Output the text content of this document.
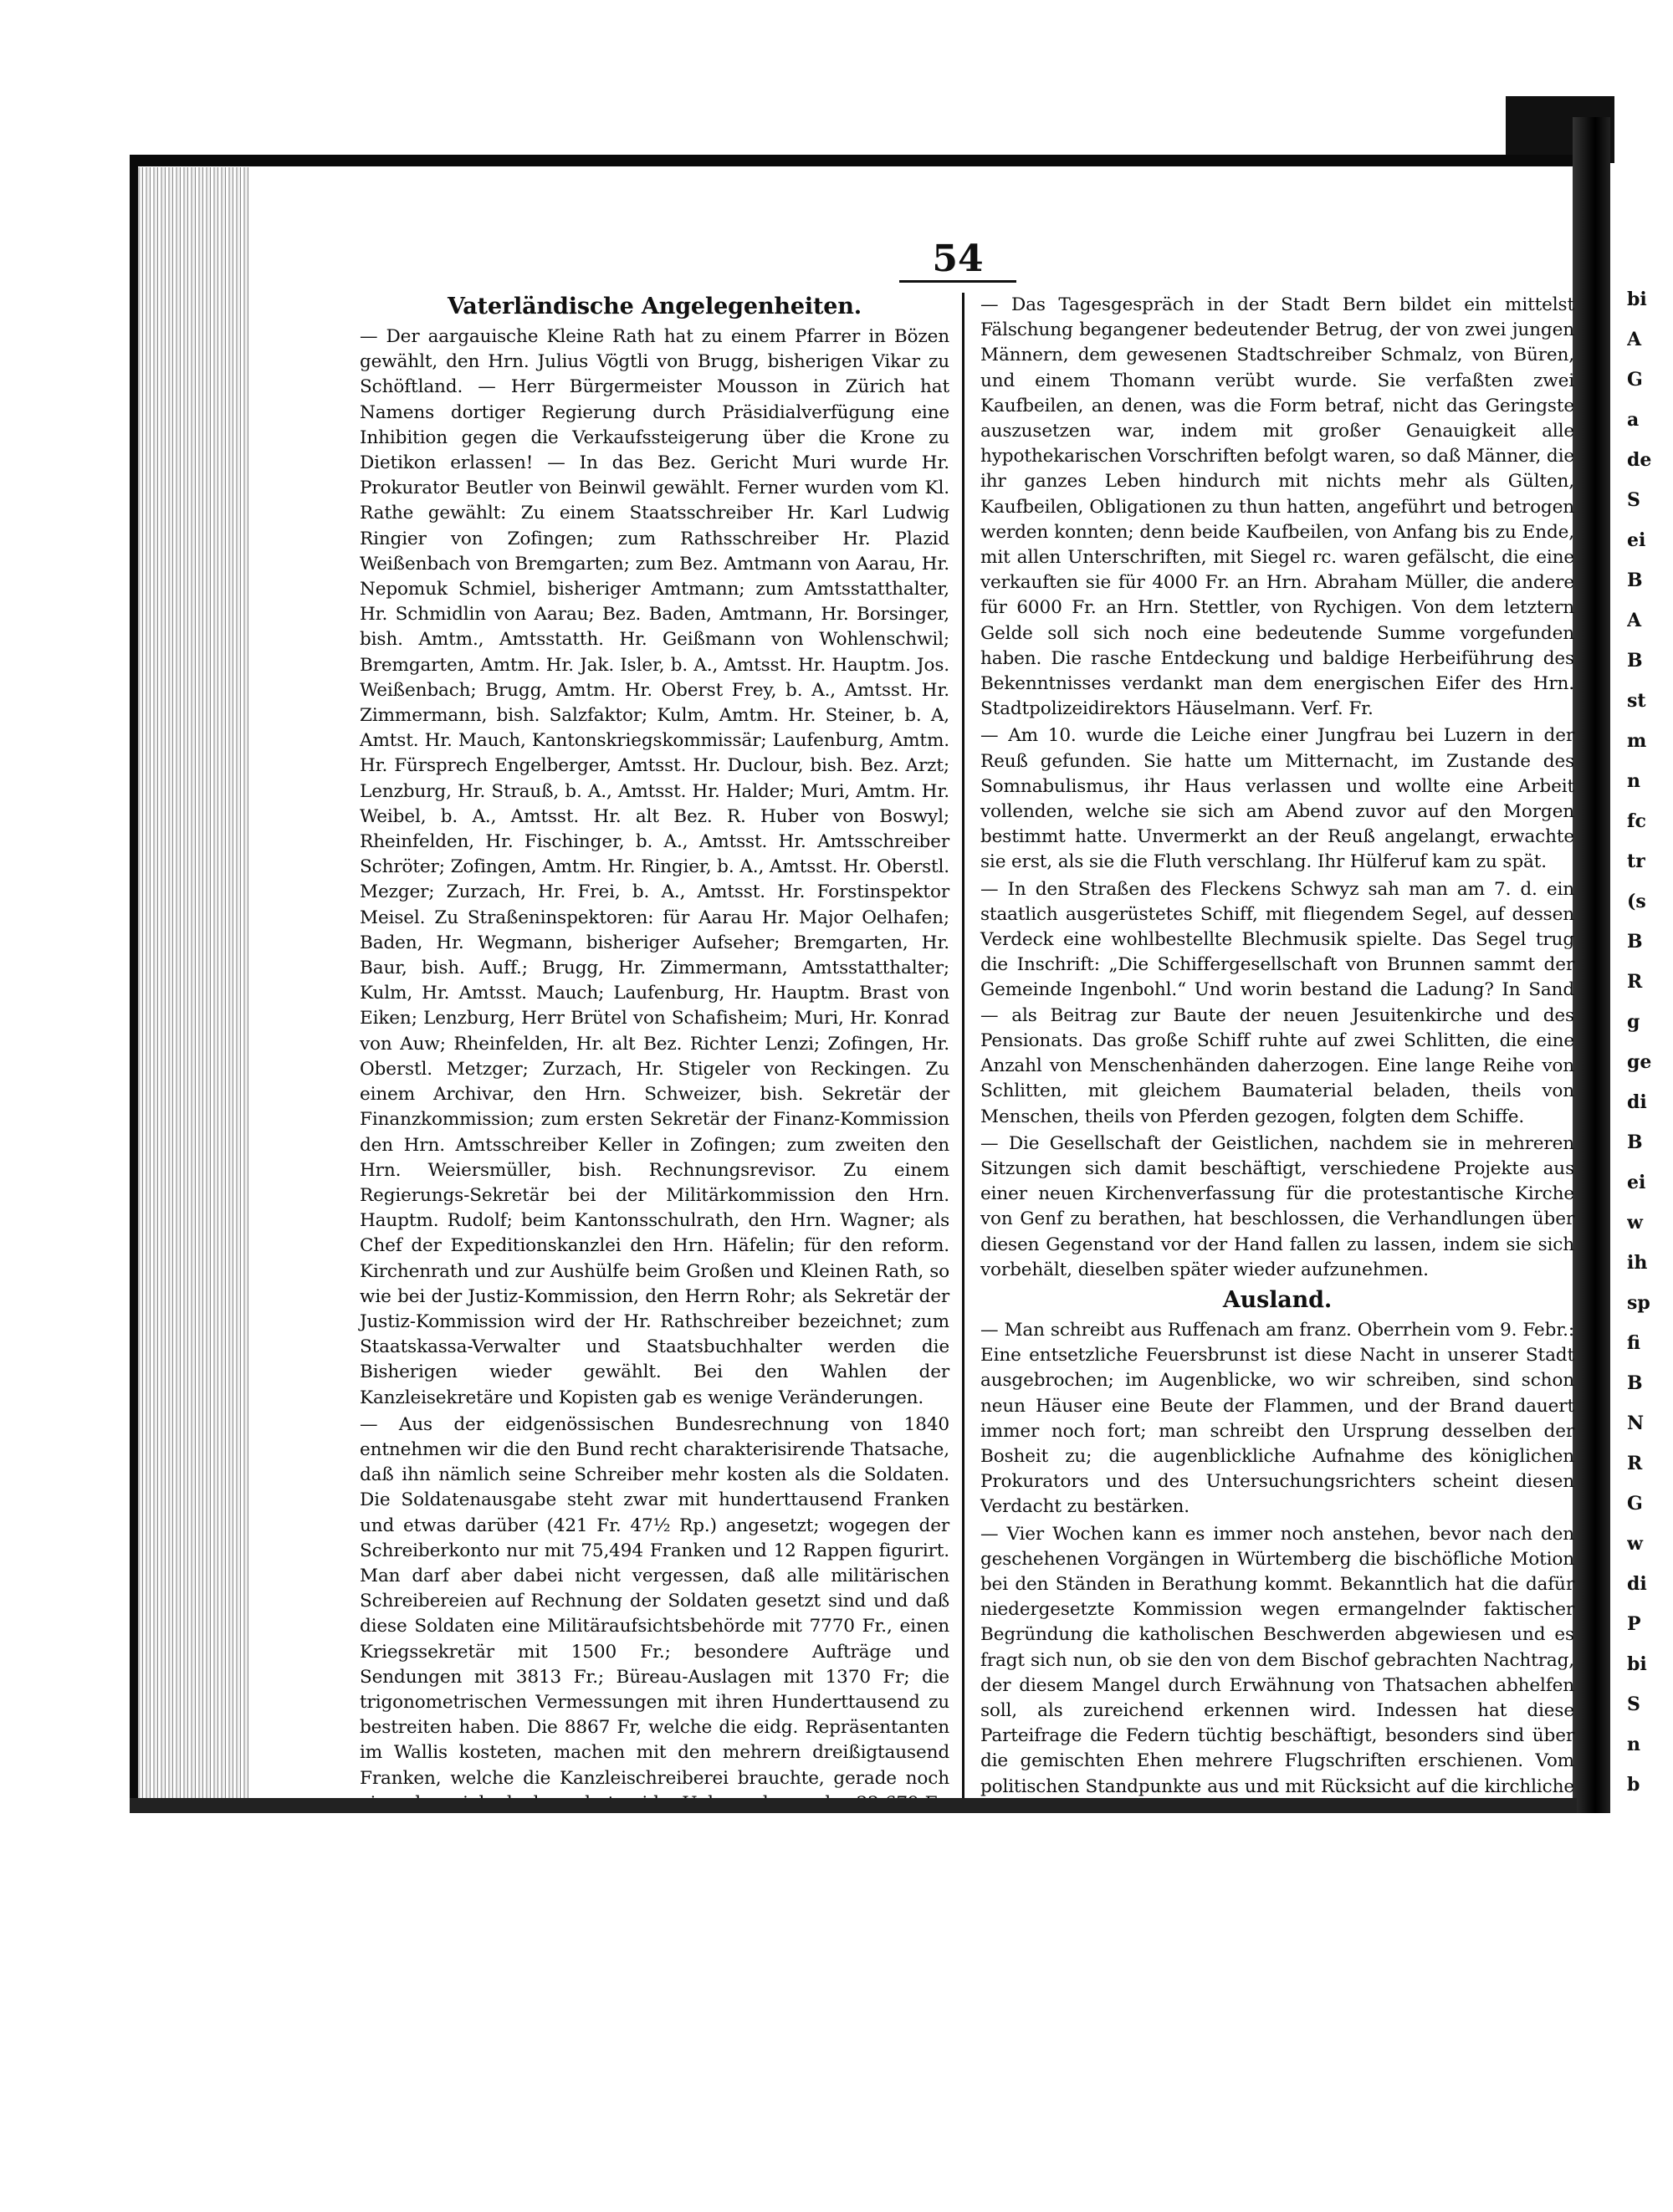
54
Vaterländische Angelegenheiten.

— Der aargauische Kleine Rath hat zu einem Pfarrer in Bözen gewählt, den Hrn. Julius Vögtli von Brugg, bisherigen Vikar zu Schöftland. — Herr Bürgermeister Mousson in Zürich hat Namens dortiger Regierung durch Präsidialverfügung eine Inhibition gegen die Verkaufssteigerung über die Krone zu Dietikon erlassen! — In das Bez. Gericht Muri wurde Hr. Prokurator Beutler von Beinwil gewählt. Ferner wurden vom Kl. Rathe gewählt: Zu einem Staatsschreiber Hr. Karl Ludwig Ringier von Zofingen; zum Rathsschreiber Hr. Plazid Weißenbach von Bremgarten; zum Bez. Amtmann von Aarau, Hr. Nepomuk Schmiel, bisheriger Amtmann; zum Amtsstatthalter, Hr. Schmidlin von Aarau; Bez. Baden, Amtmann, Hr. Borsinger, bish. Amtm., Amtsstatth. Hr. Geißmann von Wohlenschwil; Bremgarten, Amtm. Hr. Jak. Isler, b. A., Amtsst. Hr. Hauptm. Jos. Weißenbach; Brugg, Amtm. Hr. Oberst Frey, b. A., Amtsst. Hr. Zimmermann, bish. Salzfaktor; Kulm, Amtm. Hr. Steiner, b. A, Amtst. Hr. Mauch, Kantonskriegskommissär; Laufenburg, Amtm. Hr. Fürsprech Engelberger, Amtsst. Hr. Duclour, bish. Bez. Arzt; Lenzburg, Hr. Strauß, b. A., Amtsst. Hr. Halder; Muri, Amtm. Hr. Weibel, b. A., Amtsst. Hr. alt Bez. R. Huber von Boswyl; Rheinfelden, Hr. Fischinger, b. A., Amtsst. Hr. Amtsschreiber Schröter; Zofingen, Amtm. Hr. Ringier, b. A., Amtsst. Hr. Oberstl. Mezger; Zurzach, Hr. Frei, b. A., Amtsst. Hr. Forstinspektor Meisel. Zu Straßeninspektoren: für Aarau Hr. Major Oelhafen; Baden, Hr. Wegmann, bisheriger Aufseher; Bremgarten, Hr. Baur, bish. Auff.; Brugg, Hr. Zimmermann, Amtsstatthalter; Kulm, Hr. Amtsst. Mauch; Laufenburg, Hr. Hauptm. Brast von Eiken; Lenzburg, Herr Brütel von Schafisheim; Muri, Hr. Konrad von Auw; Rheinfelden, Hr. alt Bez. Richter Lenzi; Zofingen, Hr. Oberstl. Metzger; Zurzach, Hr. Stigeler von Reckingen. Zu einem Archivar, den Hrn. Schweizer, bish. Sekretär der Finanzkommission; zum ersten Sekretär der Finanz-Kommission den Hrn. Amtsschreiber Keller in Zofingen; zum zweiten den Hrn. Weiersmüller, bish. Rechnungsrevisor. Zu einem Regierungs-Sekretär bei der Militärkommission den Hrn. Hauptm. Rudolf; beim Kantonsschulrath, den Hrn. Wagner; als Chef der Expeditionskanzlei den Hrn. Häfelin; für den reform. Kirchenrath und zur Aushülfe beim Großen und Kleinen Rath, so wie bei der Justiz-Kommission, den Herrn Rohr; als Sekretär der Justiz-Kommission wird der Hr. Rathschreiber bezeichnet; zum Staatskassa-Verwalter und Staatsbuchhalter werden die Bisherigen wieder gewählt. Bei den Wahlen der Kanzleisekretäre und Kopisten gab es wenige Veränderungen.

— Aus der eidgenössischen Bundesrechnung von 1840 entnehmen wir die den Bund recht charakterisirende Thatsache, daß ihn nämlich seine Schreiber mehr kosten als die Soldaten. Die Soldatenausgabe steht zwar mit hunderttausend Franken und etwas darüber (421 Fr. 47½ Rp.) angesetzt; wogegen der Schreiberkonto nur mit 75,494 Franken und 12 Rappen figurirt. Man darf aber dabei nicht vergessen, daß alle militärischen Schreibereien auf Rechnung der Soldaten gesetzt sind und daß diese Soldaten eine Militäraufsichtsbehörde mit 7770 Fr., einen Kriegssekretär mit 1500 Fr.; besondere Aufträge und Sendungen mit 3813 Fr.; Büreau-Auslagen mit 1370 Fr; die trigonometrischen Vermessungen mit ihren Hunderttausend zu bestreiten haben. Die 8867 Fr, welche die eidg. Repräsentanten im Wallis kosteten, machen mit den mehrern dreißigtausend Franken, welche die Kanzleischreiberei brauchte, gerade noch

— Das Tagesgespräch in der Stadt Bern bildet ein mittelst Fälschung begangener bedeutender Betrug, der von zwei jungen Männern, dem gewesenen Stadtschreiber Schmalz, von Büren, und einem Thomann verübt wurde. Sie verfaßten zwei Kaufbeilen, an denen, was die Form betraf, nicht das Geringste auszusetzen war, indem mit großer Genauigkeit alle hypothekarischen Vorschriften befolgt waren, so daß Männer, die ihr ganzes Leben hindurch mit nichts mehr als Gülten, Kaufbeilen, Obligationen zu thun hatten, angeführt und betrogen werden konnten; denn beide Kaufbeilen, von Anfang bis zu Ende, mit allen Unterschriften, mit Siegel rc. waren gefälscht, die eine verkauften sie für 4000 Fr. an Hrn. Abraham Müller, die andere für 6000 Fr. an Hrn. Stettler, von Rychigen. Von dem letztern Gelde soll sich noch eine bedeutende Summe vorgefunden haben. Die rasche Entdeckung und baldige Herbeiführung des Bekenntnisses verdankt man dem energischen Eifer des Hrn. Stadtpolizeidirektors Häuselmann. Verf. Fr.

— Am 10. wurde die Leiche einer Jungfrau bei Luzern in der Reuß gefunden. Sie hatte um Mitternacht, im Zustande des Somnabulismus, ihr Haus verlassen und wollte eine Arbeit vollenden, welche sie sich am Abend zuvor auf den Morgen bestimmt hatte. Unvermerkt an der Reuß angelangt, erwachte sie erst, als sie die Fluth verschlang. Ihr Hülferuf kam zu spät.

— In den Straßen des Fleckens Schwyz sah man am 7. d. ein staatlich ausgerüstetes Schiff, mit fliegendem Segel, auf dessen Verdeck eine wohlbestellte Blechmusik spielte. Das Segel trug die Inschrift: „Die Schiffergesellschaft von Brunnen sammt der Gemeinde Ingenbohl.“ Und worin bestand die Ladung? In Sand — als Beitrag zur Baute der neuen Jesuitenkirche und des Pensionats. Das große Schiff ruhte auf zwei Schlitten, die eine Anzahl von Menschenhänden daherzogen. Eine lange Reihe von Schlitten, mit gleichem Baumaterial beladen, theils von Menschen, theils von Pferden gezogen, folgten dem Schiffe.

— Die Gesellschaft der Geistlichen, nachdem sie in mehreren Sitzungen sich damit beschäftigt, verschiedene Projekte aus einer neuen Kirchenverfassung für die protestantische Kirche von Genf zu berathen, hat beschlossen, die Verhandlungen über diesen Gegenstand vor der Hand fallen zu lassen, indem sie sich vorbehält, dieselben später wieder aufzunehmen.

Ausland.

— Man schreibt aus Ruffenach am franz. Oberrhein vom 9. Febr.: Eine entsetzliche Feuersbrunst ist diese Nacht in unserer Stadt ausgebrochen; im Augenblicke, wo wir schreiben, sind schon neun Häuser eine Beute der Flammen, und der Brand dauert immer noch fort; man schreibt den Ursprung desselben der Bosheit zu; die augenblickliche Aufnahme des königlichen Prokurators und des Untersuchungsrichters scheint diesen Verdacht zu bestärken.

— Vier Wochen kann es immer noch anstehen, bevor nach den geschehenen Vorgängen in Würtemberg die bischöfliche Motion bei den Ständen in Berathung kommt. Bekanntlich hat die dafür niedergesetzte Kommission wegen ermangelnder faktischer Begründung die katholischen Beschwerden abgewiesen und es fragt sich nun, ob sie den von dem Bischof gebrachten Nachtrag, der diesem Mangel durch Erwähnung von Thatsachen abhelfen soll, als zureichend erkennen wird. Indessen hat diese Parteifrage die Federn tüchtig beschäftigt, besonders sind über die gemischten Ehen mehrere Flugschriften erschienen. Vom politischen Standpunkte aus und mit Rücksicht auf die kirchliche

bi
A
G
a
de
S
ei
B
A
B
st
m
n
fc
tr
(s
B
R
g
ge
di
B
ei
w
ih
sp
fi
B
N
R
G
w
di
P
bi
S
n
b
